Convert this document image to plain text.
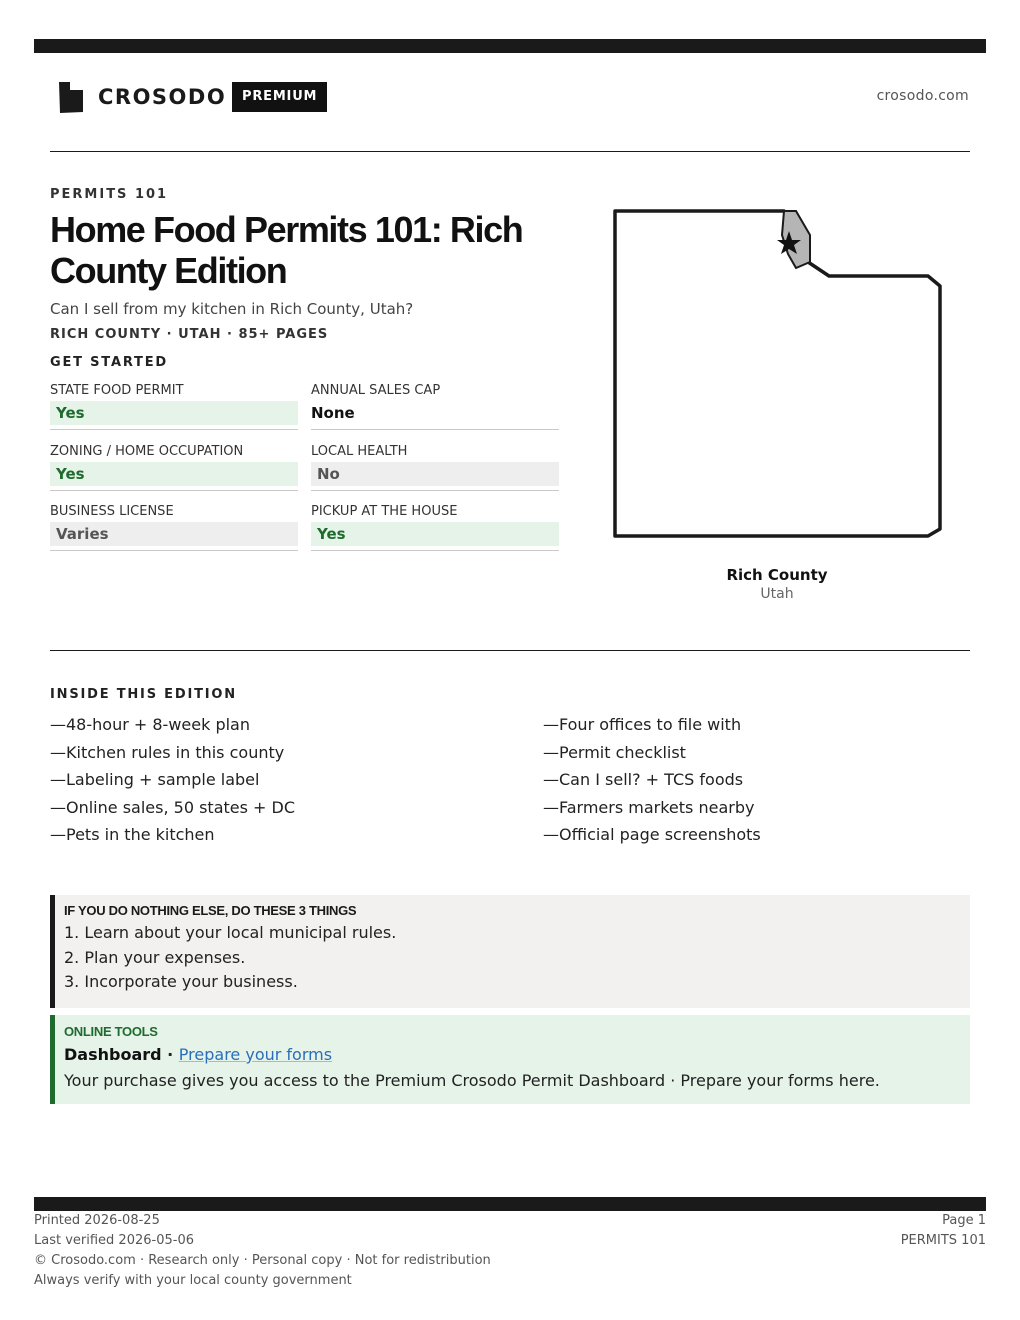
CROSODO	PREMIUM	crosodo.com
PERMITS 101
Home Food Permits 101: Rich County Edition
Can I sell from my kitchen in Rich County, Utah?
RICH COUNTY · UTAH · 85+ PAGES
GET STARTED
STATE FOOD PERMIT
Yes
ANNUAL SALES CAP
None
ZONING / HOME OCCUPATION
Yes
LOCAL HEALTH
No
BUSINESS LICENSE
Varies
PICKUP AT THE HOUSE
Yes
Rich County
Utah
INSIDE THIS EDITION
—48-hour + 8-week plan
—Kitchen rules in this county
—Labeling + sample label
—Online sales, 50 states + DC
—Pets in the kitchen
—Four offices to file with
—Permit checklist
—Can I sell? + TCS foods
—Farmers markets nearby
—Official page screenshots
IF YOU DO NOTHING ELSE, DO THESE 3 THINGS
1. Learn about your local municipal rules.
2. Plan your expenses.
3. Incorporate your business.
ONLINE TOOLS
Dashboard · Prepare your forms
Your purchase gives you access to the Premium Crosodo Permit Dashboard · Prepare your forms here.
Printed 2026-08-25
Last verified 2026-05-06
© Crosodo.com · Research only · Personal copy · Not for redistribution
Always verify with your local county government
Page 1
PERMITS 101
